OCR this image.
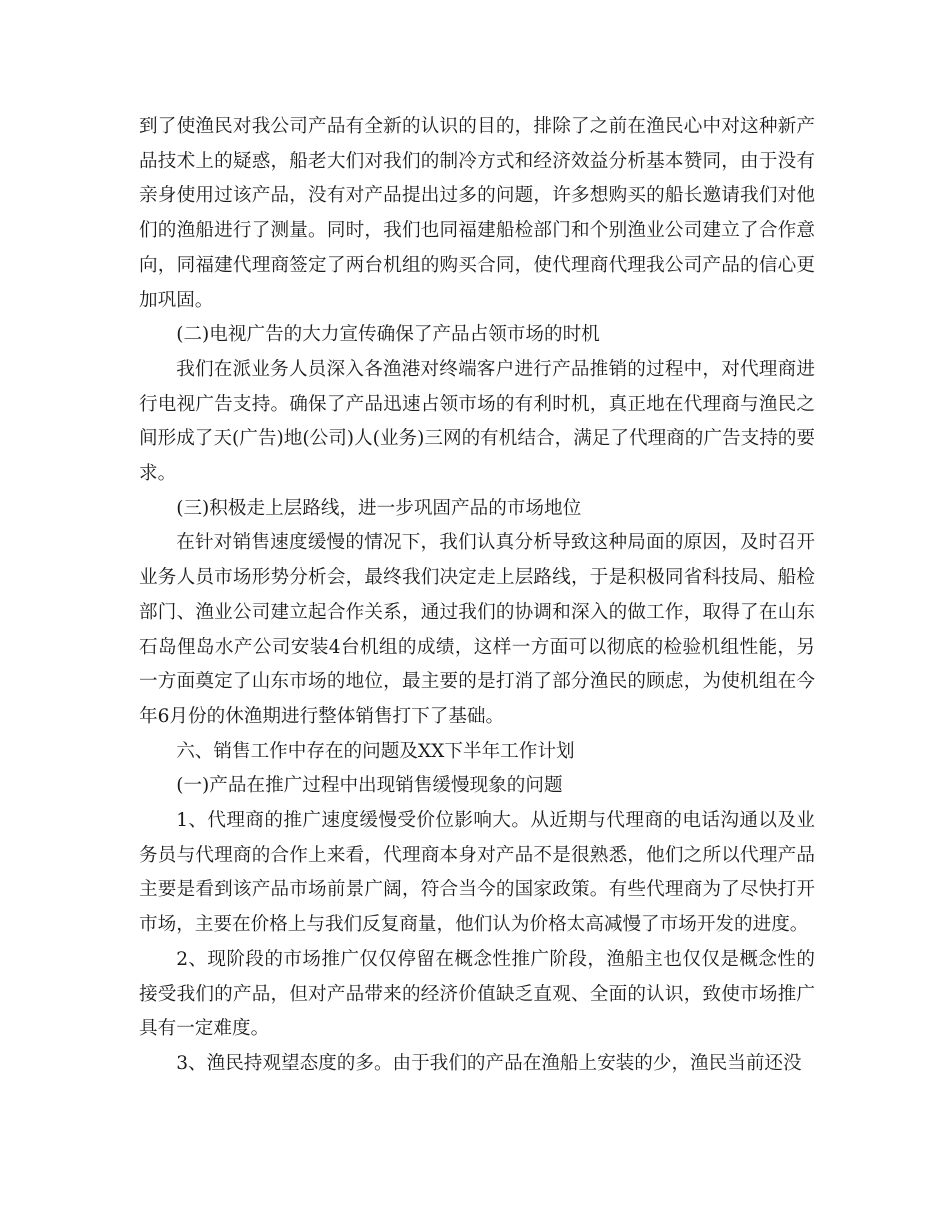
到了使渔民对我公司产品有全新的认识的目的，排除了之前在渔民心中对这种新产品技术上的疑惑，船老大们对我们的制冷方式和经济效益分析基本赞同，由于没有亲身使用过该产品，没有对产品提出过多的问题，许多想购买的船长邀请我们对他们的渔船进行了测量。同时，我们也同福建船检部门和个别渔业公司建立了合作意向，同福建代理商签定了两台机组的购买合同，使代理商代理我公司产品的信心更加巩固。

(二)电视广告的大力宣传确保了产品占领市场的时机

我们在派业务人员深入各渔港对终端客户进行产品推销的过程中，对代理商进行电视广告支持。确保了产品迅速占领市场的有利时机，真正地在代理商与渔民之间形成了天(广告)地(公司)人(业务)三网的有机结合，满足了代理商的广告支持的要求。

(三)积极走上层路线，进一步巩固产品的市场地位

在针对销售速度缓慢的情况下，我们认真分析导致这种局面的原因，及时召开业务人员市场形势分析会，最终我们决定走上层路线，于是积极同省科技局、船检部门、渔业公司建立起合作关系，通过我们的协调和深入的做工作，取得了在山东石岛俚岛水产公司安装4台机组的成绩，这样一方面可以彻底的检验机组性能，另一方面奠定了山东市场的地位，最主要的是打消了部分渔民的顾虑，为使机组在今年6月份的休渔期进行整体销售打下了基础。

六、销售工作中存在的问题及XX下半年工作计划

(一)产品在推广过程中出现销售缓慢现象的问题

1、代理商的推广速度缓慢受价位影响大。从近期与代理商的电话沟通以及业务员与代理商的合作上来看，代理商本身对产品不是很熟悉，他们之所以代理产品主要是看到该产品市场前景广阔，符合当今的国家政策。有些代理商为了尽快打开市场，主要在价格上与我们反复商量，他们认为价格太高减慢了市场开发的进度。

2、现阶段的市场推广仅仅停留在概念性推广阶段，渔船主也仅仅是概念性的接受我们的产品，但对产品带来的经济价值缺乏直观、全面的认识，致使市场推广具有一定难度。

3、渔民持观望态度的多。由于我们的产品在渔船上安装的少，渔民当前还没
